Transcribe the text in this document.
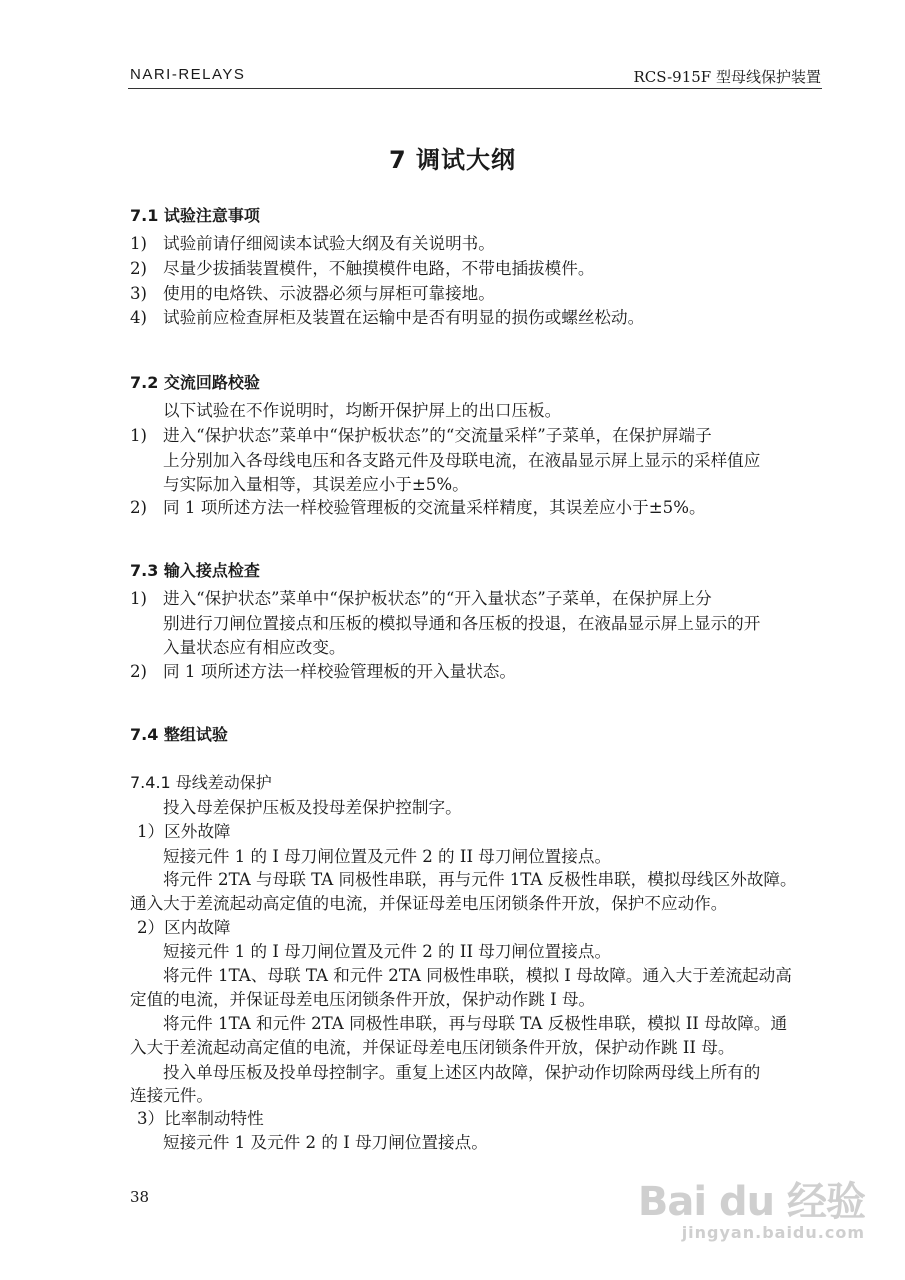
NARI-RELAYS	RCS-915F 型母线保护装置
7 调试大纲
7.1 试验注意事项
1) 试验前请仔细阅读本试验大纲及有关说明书。
2) 尽量少拔插装置模件，不触摸模件电路，不带电插拔模件。
3) 使用的电烙铁、示波器必须与屏柜可靠接地。
4) 试验前应检查屏柜及装置在运输中是否有明显的损伤或螺丝松动。
7.2 交流回路校验
以下试验在不作说明时，均断开保护屏上的出口压板。
1) 进入“保护状态”菜单中“保护板状态”的“交流量采样”子菜单，在保护屏端子
上分别加入各母线电压和各支路元件及母联电流，在液晶显示屏上显示的采样值应
与实际加入量相等，其误差应小于±5%。
2) 同 1 项所述方法一样校验管理板的交流量采样精度，其误差应小于±5%。
7.3 输入接点检查
1) 进入“保护状态”菜单中“保护板状态”的“开入量状态”子菜单，在保护屏上分
别进行刀闸位置接点和压板的模拟导通和各压板的投退，在液晶显示屏上显示的开
入量状态应有相应改变。
2) 同 1 项所述方法一样校验管理板的开入量状态。
7.4 整组试验
7.4.1 母线差动保护
投入母差保护压板及投母差保护控制字。
1）区外故障
短接元件 1 的 I 母刀闸位置及元件 2 的 II 母刀闸位置接点。
将元件 2TA 与母联 TA 同极性串联，再与元件 1TA 反极性串联，模拟母线区外故障。
通入大于差流起动高定值的电流，并保证母差电压闭锁条件开放，保护不应动作。
2）区内故障
短接元件 1 的 I 母刀闸位置及元件 2 的 II 母刀闸位置接点。
将元件 1TA、母联 TA 和元件 2TA 同极性串联，模拟 I 母故障。通入大于差流起动高
定值的电流，并保证母差电压闭锁条件开放，保护动作跳 I 母。
将元件 1TA 和元件 2TA 同极性串联，再与母联 TA 反极性串联，模拟 II 母故障。通
入大于差流起动高定值的电流，并保证母差电压闭锁条件开放，保护动作跳 II 母。
投入单母压板及投单母控制字。重复上述区内故障，保护动作切除两母线上所有的
连接元件。
3）比率制动特性
短接元件 1 及元件 2 的 I 母刀闸位置接点。
38	Bai du 经验
jingyan.baidu.com
